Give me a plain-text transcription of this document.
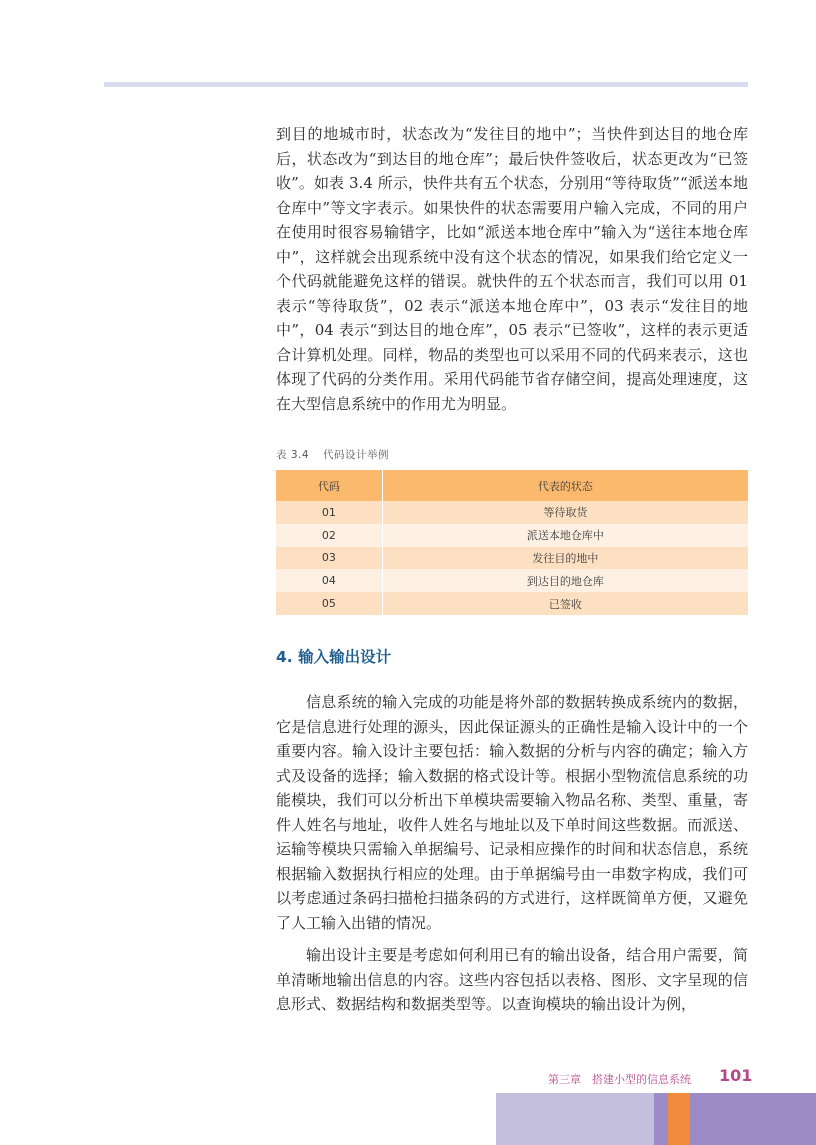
到目的地城市时，状态改为“发往目的地中”；当快件到达目的地仓库后，状态改为“到达目的地仓库”；最后快件签收后，状态更改为“已签收”。如表 3.4 所示，快件共有五个状态，分别用“等待取货”“派送本地仓库中”等文字表示。如果快件的状态需要用户输入完成，不同的用户在使用时很容易输错字，比如“派送本地仓库中”输入为“送往本地仓库中”，这样就会出现系统中没有这个状态的情况，如果我们给它定义一个代码就能避免这样的错误。就快件的五个状态而言，我们可以用 01 表示“等待取货”，02 表示“派送本地仓库中”，03 表示“发往目的地中”，04 表示“到达目的地仓库”，05 表示“已签收”，这样的表示更适合计算机处理。同样，物品的类型也可以采用不同的代码来表示，这也体现了代码的分类作用。采用代码能节省存储空间，提高处理速度，这在大型信息系统中的作用尤为明显。

表 3.4 代码设计举例
代码	代表的状态
01	等待取货
02	派送本地仓库中
03	发往目的地中
04	到达目的地仓库
05	已签收
4. 输入输出设计

信息系统的输入完成的功能是将外部的数据转换成系统内的数据，它是信息进行处理的源头，因此保证源头的正确性是输入设计中的一个重要内容。输入设计主要包括：输入数据的分析与内容的确定；输入方式及设备的选择；输入数据的格式设计等。根据小型物流信息系统的功能模块，我们可以分析出下单模块需要输入物品名称、类型、重量，寄件人姓名与地址，收件人姓名与地址以及下单时间这些数据。而派送、运输等模块只需输入单据编号、记录相应操作的时间和状态信息，系统根据输入数据执行相应的处理。由于单据编号由一串数字构成，我们可以考虑通过条码扫描枪扫描条码的方式进行，这样既简单方便，又避免了人工输入出错的情况。

输出设计主要是考虑如何利用已有的输出设备，结合用户需要，简单清晰地输出信息的内容。这些内容包括以表格、图形、文字呈现的信息形式、数据结构和数据类型等。以查询模块的输出设计为例，

第三章　搭建小型的信息系统 101
